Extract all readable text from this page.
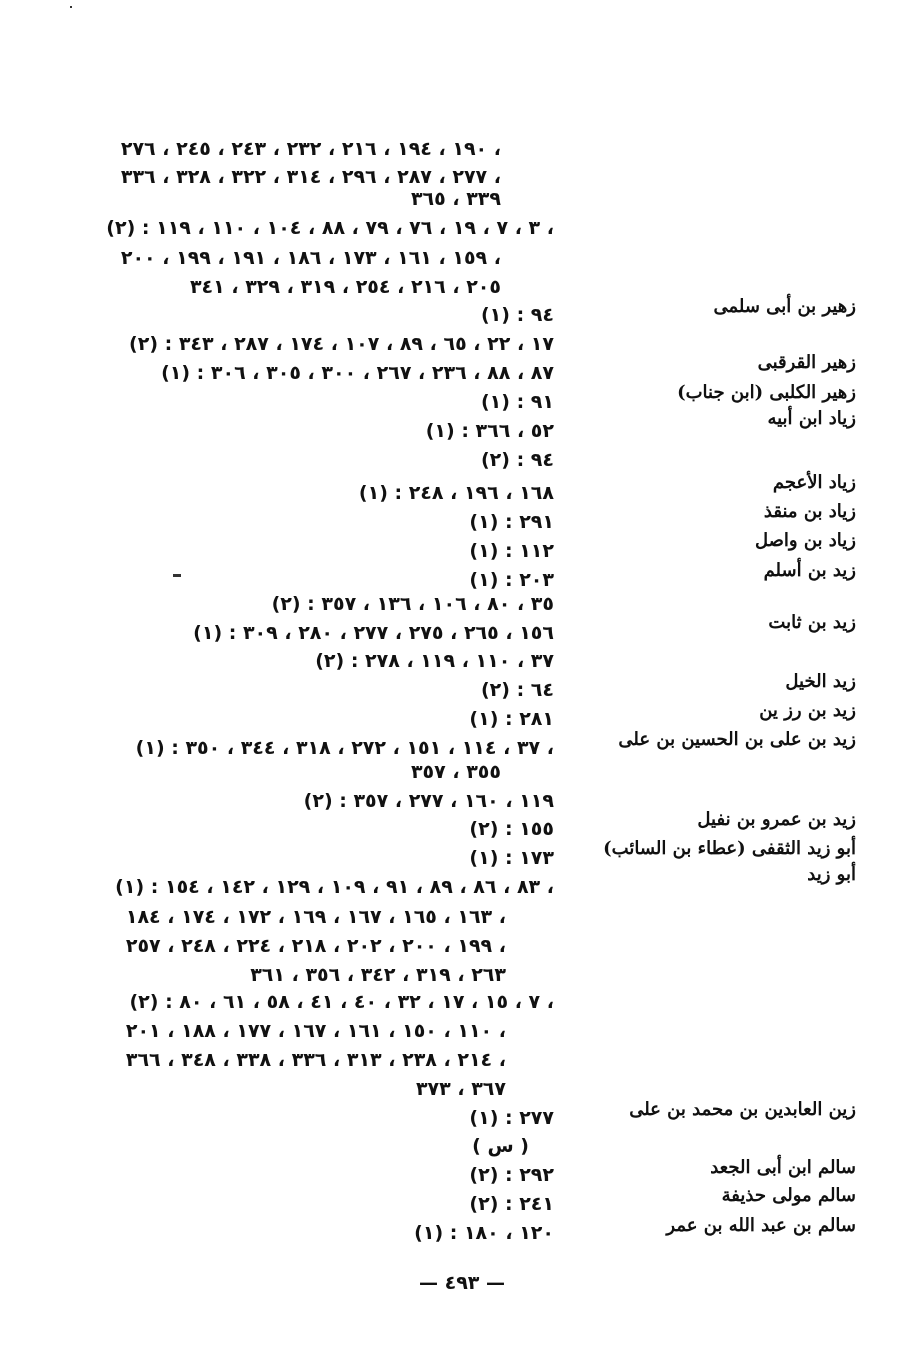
١٩٠ ، ١٩٤ ، ٢١٦ ، ٢٣٢ ، ٢٤٣ ، ٢٤٥ ، ٢٧٦ ،
٢٧٧ ، ٢٨٧ ، ٢٩٦ ، ٣١٤ ، ٣٢٢ ، ٣٢٨ ، ٣٣٦ ،
٣٣٩ ، ٣٦٥
(٢) : ٣ ، ٧ ، ١٩ ، ٧٦ ، ٧٩ ، ٨٨ ، ١٠٤ ، ١١٠ ، ١١٩ ،
١٥٩ ، ١٦١ ، ١٧٣ ، ١٨٦ ، ١٩١ ، ١٩٩ ، ٢٠٠ ،
٢٠٥ ، ٢١٦ ، ٢٥٤ ، ٣١٩ ، ٣٢٩ ، ٣٤١
(١) : ٩٤
(٢) : ١٧ ، ٢٢ ، ٦٥ ، ٨٩ ، ١٠٧ ، ١٧٤ ، ٢٨٧ ، ٣٤٣
(١) : ٨٧ ، ٨٨ ، ٢٣٦ ، ٢٦٧ ، ٣٠٠ ، ٣٠٥ ، ٣٠٦
(١) : ٩١
(١) : ٥٢ ، ٣٦٦
(٢) : ٩٤
(١) : ١٦٨ ، ١٩٦ ، ٢٤٨
(١) : ٢٩١
(١) : ١١٢
(١) : ٢٠٣
(٢) : ٣٥ ، ٨٠ ، ١٠٦ ، ١٣٦ ، ٣٥٧
(١) : ١٥٦ ، ٢٦٥ ، ٢٧٥ ، ٢٧٧ ، ٢٨٠ ، ٣٠٩
(٢) : ٣٧ ، ١١٠ ، ١١٩ ، ٢٧٨
(٢) : ٦٤
(١) : ٢٨١
(١) : ٣٧ ، ١١٤ ، ١٥١ ، ٢٧٢ ، ٣١٨ ، ٣٤٤ ، ٣٥٠ ،
٣٥٥ ، ٣٥٧
(٢) : ١١٩ ، ١٦٠ ، ٢٧٧ ، ٣٥٧
(٢) : ١٥٥
(١) : ١٧٣
(١) : ٨٣ ، ٨٦ ، ٨٩ ، ٩١ ، ١٠٩ ، ١٢٩ ، ١٤٢ ، ١٥٤ ،
١٦٣ ، ١٦٥ ، ١٦٧ ، ١٦٩ ، ١٧٢ ، ١٧٤ ، ١٨٤ ،
١٩٩ ، ٢٠٠ ، ٢٠٢ ، ٢١٨ ، ٢٢٤ ، ٢٤٨ ، ٢٥٧ ،
٢٦٣ ، ٣١٩ ، ٣٤٢ ، ٣٥٦ ، ٣٦١
(٢) : ٧ ، ١٥ ، ١٧ ، ٣٢ ، ٤٠ ، ٤١ ، ٥٨ ، ٦١ ، ٨٠ ،
١١٠ ، ١٥٠ ، ١٦١ ، ١٦٧ ، ١٧٧ ، ١٨٨ ، ٢٠١ ،
٢١٤ ، ٢٣٨ ، ٣١٣ ، ٣٣٦ ، ٣٣٨ ، ٣٤٨ ، ٣٦٦ ،
٣٦٧ ، ٣٧٣
(١) : ٢٧٧
( س )
(٢) : ٢٩٢
(٢) : ٢٤١
(١) : ١٢٠ ، ١٨٠
زهير بن أبى سلمى
زهير القرقبى
زهير الكلبى (ابن جناب)
زياد ابن أبيه
زياد الأعجم
زياد بن منقذ
زياد بن واصل
زيد بن أسلم
زيد بن ثابت
زيد الخيل
زيد بن رز ين
زيد بن على بن الحسين بن على
زيد بن عمرو بن نفيل
أبو زيد الثقفى (عطاء بن السائب)
أبو زيد
زين العابدين بن محمد بن على
سالم ابن أبى الجعد
سالم مولى حذيفة
سالم بن عبد الله بن عمر
— ٤٩٣ —
